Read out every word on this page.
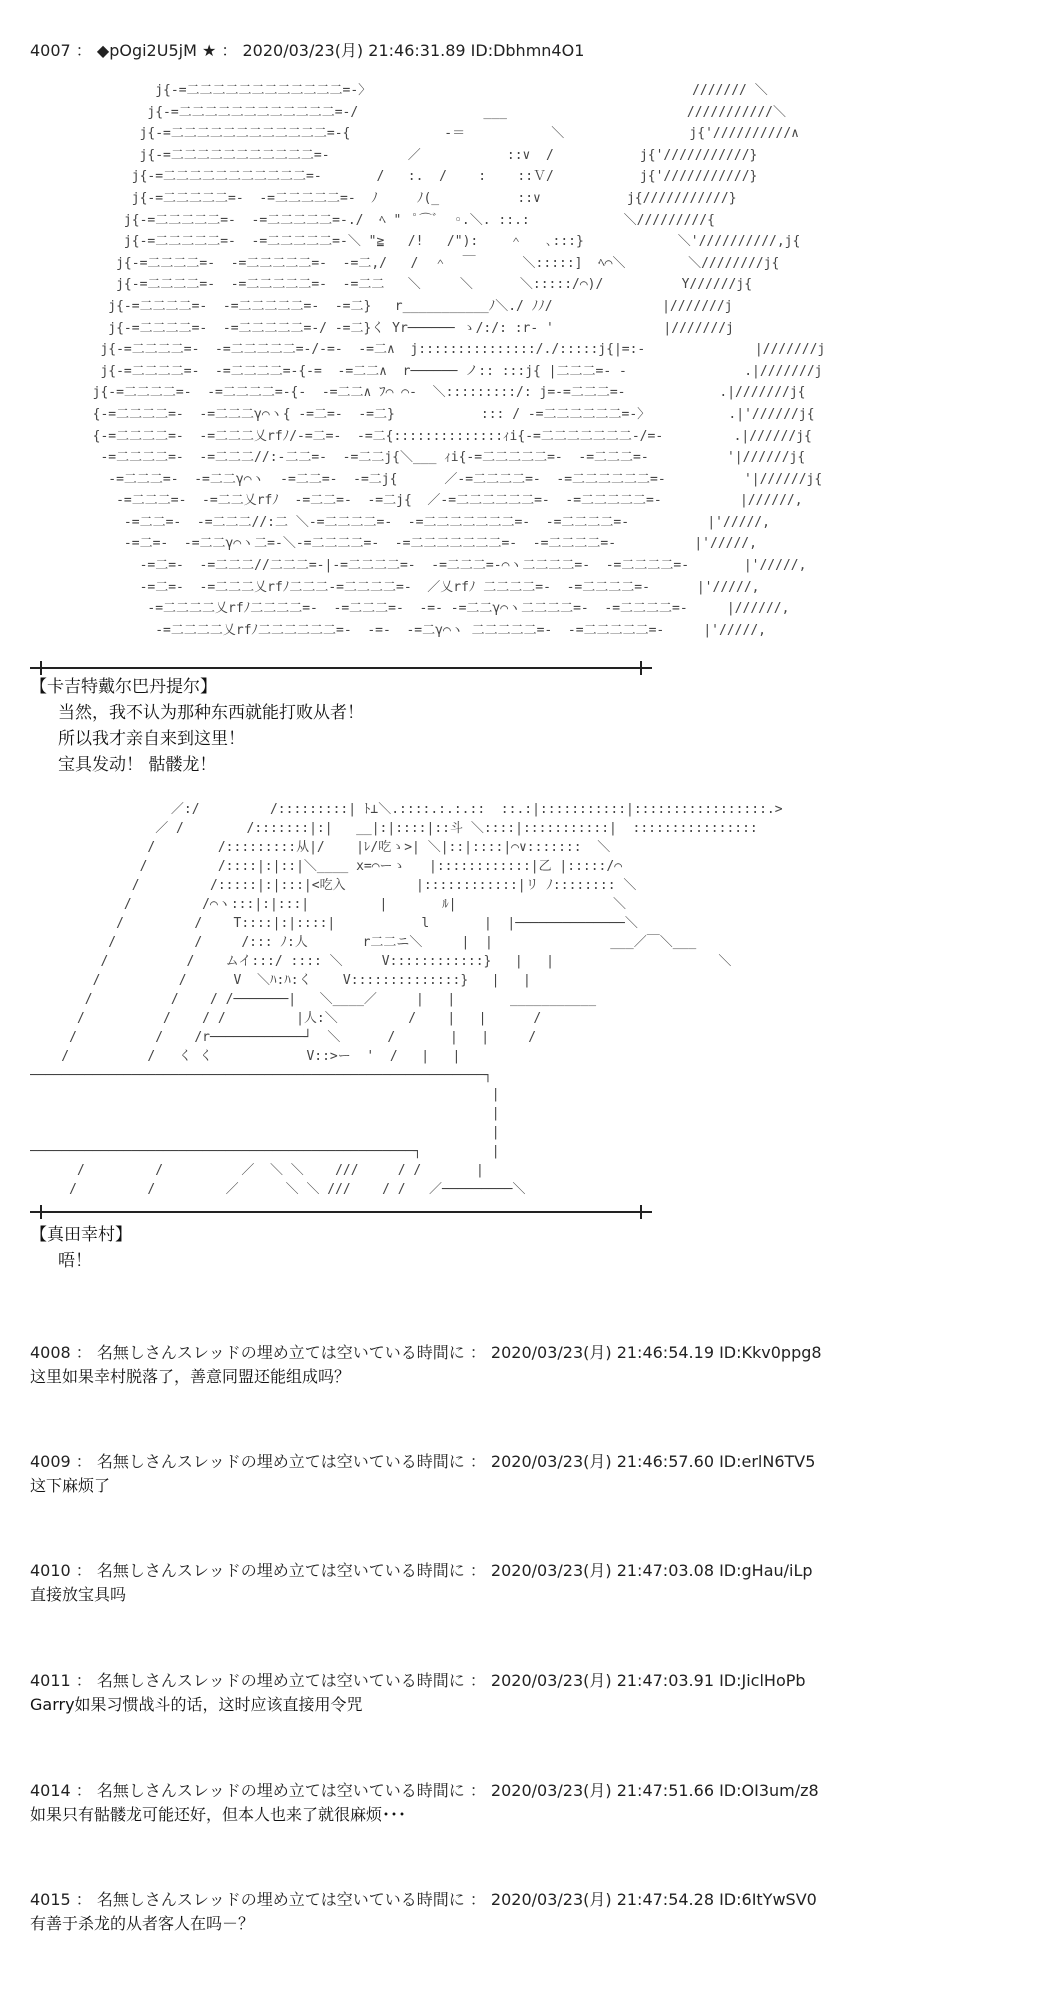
4007 ： ◆pOgi2U5jM ★ ： 2020/03/23(月) 21:46:31.89 ID:Dbhmn4O1
j{-=二二二二二二二二二二二二=-〉                                         /////// ＼
j{-=二二二二二二二二二二二二=-/                ___                       ///////////＼
j{-=二二二二二二二二二二二二=-{            -＝           ＼                j{'//////////∧
j{-=二二二二二二二二二二二=-          ／           ::∨  /           j{'///////////}
j{-=二二二二二二二二二二二=-       /   :.  /    :    ::Ｖ/           j{'///////////}
j{-=二二二二二=-  -=二二二二二=-  ﾉ     ﾉ(_          ::∨           j{///////////}
j{-=二二二二二=-  -=二二二二二=-./  ﾍ "  ﾟ⌒ﾞ  ◦.＼. ::.:            ＼/////////{
j{-=二二二二二=-  -=二二二二二=-＼ "≧   /!   /"):    ＾   ､:::}            ＼'//////////,j{
j{-=二二二二=-  -=二二二二二=-  -=二,/   /  ＾  ￣      ＼:::::]  ﾍ⌒＼        ＼////////j{
j{-=二二二二=-  -=二二二二二=-  -=二二   ＼     ＼      ＼:::::/⌒)/          Y//////j{
j{-=二二二二=-  -=二二二二二=-  -=二}   r___________ﾉ＼./ ﾉﾉ/              |///////j
j{-=二二二二=-  -=二二二二二=-/ -=二}く Yr────── ゝ/:/: :r- '              |///////j
j{-=二二二二=-  -=二二二二二=-/-=-  -=二∧  j:::::::::::::::/./:::::j{|=:-              |///////j
j{-=二二二二=-  -=二二二二=-{-=  -=二二∧  r────── ノ:: :::j{ |二二二=- -               .|///////j
j{-=二二二二=-  -=二二二二=-{-  -=二二∧ ﾌ⌒ ⌒-  ＼:::::::::/: j=-=二二二=-            .|///////j{
{-=二二二二=-  -=二二二γ⌒ヽ{ -=二=-  -=二}           ::: / -=二二二二二二=-〉          .|'//////j{
{-=二二二二=-  -=二二二乂rfﾉ/-=二=-  -=二{::::::::::::::ｨi{-=二二二二二二二-/=-         .|//////j{
-=二二二二=-  -=二二二//:-二二=-  -=二二j{＼___ ｨi{-=二二二二二=-  -=二二二=-          '|//////j{
-=二二二=-  -=二二γ⌒ヽ  -=二二=-  -=二j{      ／-=二二二二=-  -=二二二二二二=-          '|//////j{
-=二二二=-  -=二二乂rfﾉ  -=二二=-  -=二j{  ／-=二二二二二二=-  -=二二二二二=-          |//////,
-=二二=-  -=二二二//:二 ＼-=二二二二=-  -=二二二二二二二=-  -=二二二二=-          |'/////,
-=二=-  -=二二γ⌒ヽ二=-＼-=二二二二=-  -=二二二二二二二=-  -=二二二二=-          |'/////,
-=二=-  -=二二二//二二二=-|-=二二二二=-  -=二二二=-⌒ヽ二二二二=-  -=二二二二=-       |'/////,
-=二=-  -=二二二乂rfﾉ二二二-=二二二二=-  ／乂rfﾉ 二二二二=-  -=二二二二=-      |'/////,
-=二二二二乂rfﾉ二二二二=-  -=二二二=-  -=- -=二二γ⌒ヽ二二二二=-  -=二二二二=-     |//////,
-=二二二二乂rfﾉ二二二二二二=-  -=-  -=二γ⌒ヽ 二二二二二=-  -=二二二二二=-     |'/////,
【卡吉特戴尔巴丹提尔】
当然，我不认为那种东西就能打败从者！
所以我才亲自来到这里！
宝具发动！ 骷髅龙！
／:/         /:::::::::| ﾄ⊥＼.::::.:.:.::  ::.:|:::::::::::|:::::::::::::::::.>
／ /        /:::::::|:|   __|:|::::|::斗 ＼::::|:::::::::::|  ::::::::::::::::
/        /:::::::::从|/    |ﾚ/吃ゝ>| ＼|::|::::|⌒∨:::::::  ＼
/         /::::|:|::|＼____ x=⌒ーゝ   |::::::::::::|乙 |:::::/⌒
/         /:::::|:|:::|<吃入         |::::::::::::|リ ﾉ:::::::: ＼
/         /⌒ヽ:::|:|:::|         |       ﾙ|                    ＼
/         /    T::::|:|::::|           l       |  |──────────────＼
/          /     /::: ﾉ:人       r二二ニ＼     |  |               ___／￣＼___
/          /    ムイ:::/ :::: ＼     V::::::::::::}   |   |                     ＼
/          /      V  ＼ﾊ:ﾊ:く    V::::::::::::::}   |   |
/          /    / /───────|   ＼____／     |   |       ___________
/          /    / /         |人:＼         /    |   |      /
/          /    /r────────────┘  ＼      /       |   |     /
/          /   く く            V::>ー  '  /   |   |
──────────────────────────────────────────────────────────┐
|
|
|
─────────────────────────────────────────────────┐         |
/         /          ／  ＼ ＼    ///     / /       |
/         /         ／      ＼ ＼ ///    / /   ／─────────＼
【真田幸村】
唔！
4008 ： 名無しさんスレッドの埋め立ては空いている時間に ： 2020/03/23(月) 21:46:54.19 ID:Kkv0ppg8
这里如果幸村脱落了，善意同盟还能组成吗？
4009 ： 名無しさんスレッドの埋め立ては空いている時間に ： 2020/03/23(月) 21:46:57.60 ID:erlN6TV5
这下麻烦了
4010 ： 名無しさんスレッドの埋め立ては空いている時間に ： 2020/03/23(月) 21:47:03.08 ID:gHau/iLp
直接放宝具吗
4011 ： 名無しさんスレッドの埋め立ては空いている時間に ： 2020/03/23(月) 21:47:03.91 ID:JiclHoPb
Garry如果习惯战斗的话，这时应该直接用令咒
4014 ： 名無しさんスレッドの埋め立ては空いている時間に ： 2020/03/23(月) 21:47:51.66 ID:OI3um/z8
如果只有骷髅龙可能还好，但本人也来了就很麻烦･･･
4015 ： 名無しさんスレッドの埋め立ては空いている時間に ： 2020/03/23(月) 21:47:54.28 ID:6ItYwSV0
有善于杀龙的从者客人在吗－？
